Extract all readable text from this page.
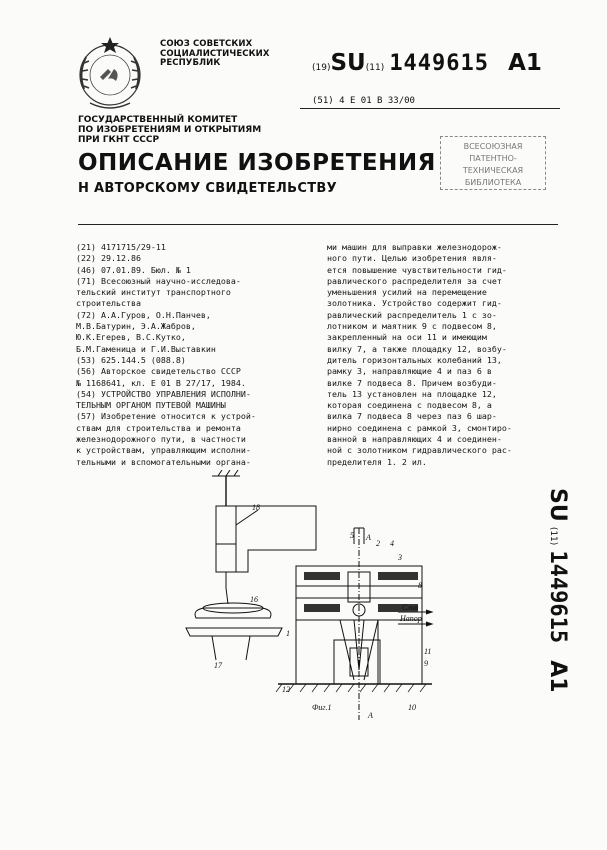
СОЮЗ СОВЕТСКИХ
СОЦИАЛИСТИЧЕСКИХ
РЕСПУБЛИК	(19)SU(11) 1449615 A1
(51) 4 E 01 B 33/00
ГОСУДАРСТВЕННЫЙ КОМИТЕТ
ПО ИЗОБРЕТЕНИЯМ И ОТКРЫТИЯМ
ПРИ ГКНТ СССР
ОПИСАНИЕ ИЗОБРЕТЕНИЯ
Н АВТОРСКОМУ СВИДЕТЕЛЬСТВУ
ВСЕСОЮЗНАЯ
ПАТЕНТНО-ТЕХНИЧЕСКАЯ
БИБЛИОТЕКА
(21) 4171715/29-11
(22) 29.12.86
(46) 07.01.89. Бюл. № 1
(71) Всесоюзный научно-исследова-
тельский институт транспортного
строительства
(72) А.А.Гуров, О.Н.Панчев,
М.В.Батурин, Э.А.Жабров,
Ю.К.Егерев, В.С.Кутко,
Б.М.Гаменица и Г.И.Выставкин
(53) 625.144.5 (088.8)
(56) Авторское свидетельство СССР
№ 1168641, кл. Е 01 В 27/17, 1984.
(54) УСТРОЙСТВО УПРАВЛЕНИЯ ИСПОЛНИ-
ТЕЛЬНЫМ ОРГАНОМ ПУТЕВОЙ МАШИНЫ
(57) Изобретение относится к устрой-
ствам для строительства и ремонта
железнодорожного пути, в частности
к устройствам, управляющим исполни-
тельными и вспомогательными органа-
ми машин для выправки железнодорож-
ного пути. Целью изобретения явля-
ется повышение чувствительности гид-
равлического распределителя за счет
уменьшения усилий на перемещение
золотника. Устройство содержит гид-
равлический распределитель 1 с зо-
лотником и маятник 9 с подвесом 8,
закрепленный на оси 11 и имеющим
вилку 7, а также площадку 12, возбу-
дитель горизонтальных колебаний 13,
рамку 3, направляющие 4 и паз 6 в
вилке 7 подвеса 8. Причем возбуди-
тель 13 установлен на площадке 12,
которая соединена с подвесом 8, а
вилка 7 подвеса 8 через паз 6 шар-
нирно соединена с рамкой 3, смонтиро-
ванной в направляющих 4 и соединен-
ной с золотником гидравлического рас-
пределителя 1. 2 ил.
18
16
17
2 4
3
1
5
8
9
11
12
10
A
A
Слив
Напор
Фиг.1
SU (11) 1449615 A1
